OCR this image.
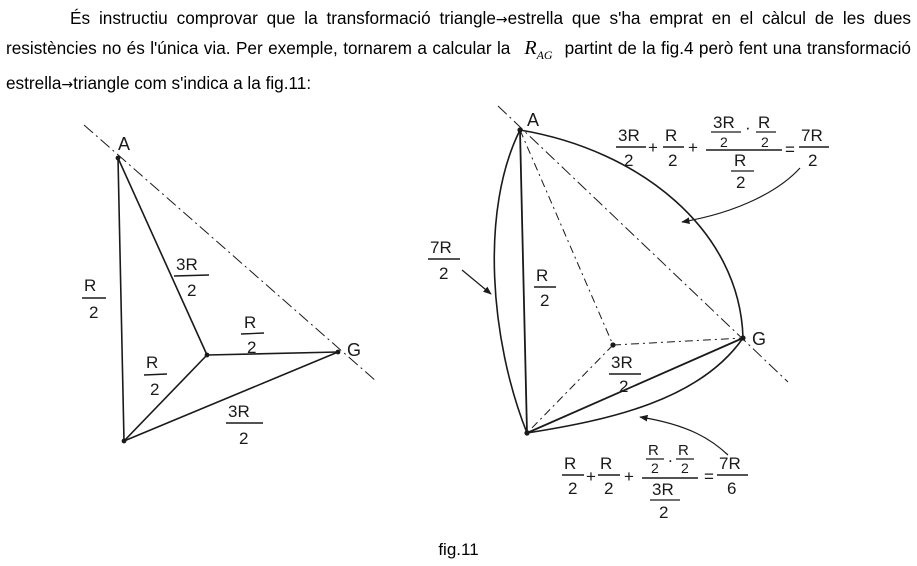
És instructiu comprovar que la transformació triangle→estrella que s'ha emprat en el càlcul de les dues resistències no és l'única via. Per exemple, tornarem a calcular la $R_{AG}$ partint de la fig.4 però fent una transformació estrella→triangle com s'indica a la fig.11:
A
G
R
2
3R
2
R
2
R
2
3R
2
A
G
7R
2	R
2
3R
2
3R
2
+
R
2
+
3R
2
· R
2
R
2
=
7R
2
R
2
+
R
2
+
R
2
. R
2
3R
2
=
7R
6
fig.11
